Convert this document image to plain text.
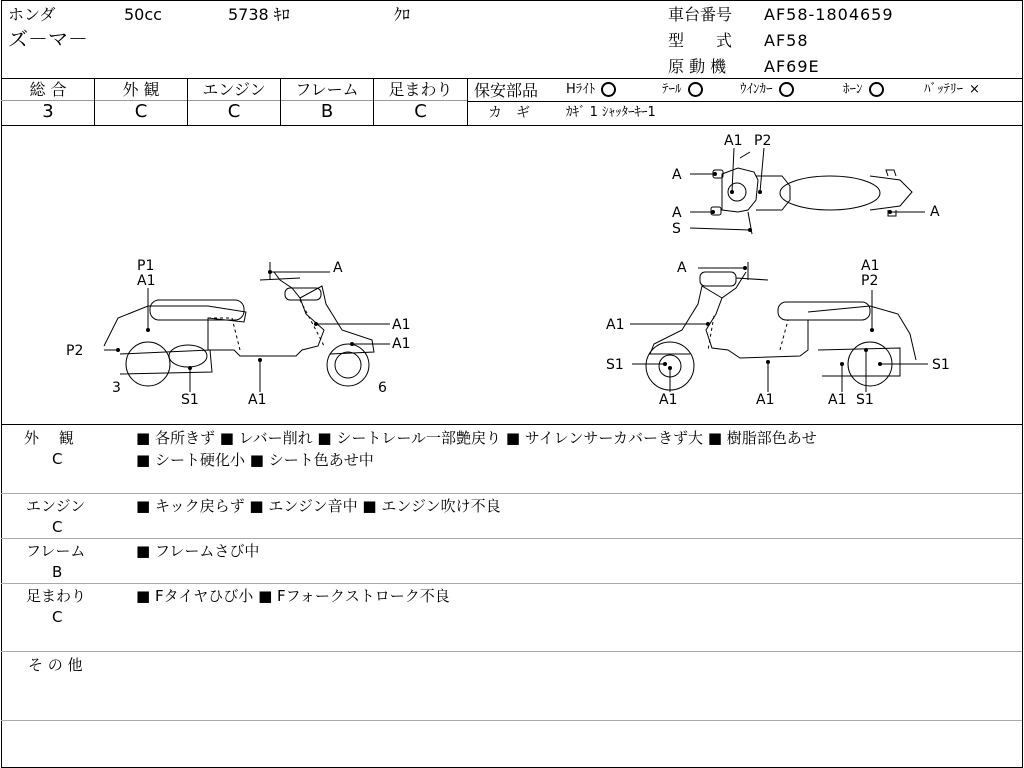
ホンダ	50cc	5738 ｷﾛ	ｸﾛ
ズ－マ－
車台番号 AF58-1804659
型　　式 AF58
原 動 機 AF69E
総 合	外 観	エンジン	フレーム	足まわり
3	C	C	B	C
保安部品 Hﾗｲﾄ	ﾃｰﾙ	ｳｲﾝｶｰ	ﾎｰﾝ	ﾊﾞｯﾃﾘｰ ×
カ　ギ	ｶｷﾞ 1 ｼｬｯﾀｰｷｰ1
A1 P2
A
A
S
A
P1
A1
A
A1
A1
P2
3
S1	A1
6
A	A1
P2
A1
S1	S1
A1	A1	A1 S1
外　 観
C
■ 各所きず ■ レバー削れ ■ シートレール一部艶戻り ■ サイレンサーカバーきず大 ■ 樹脂部色あせ
■ シート硬化小 ■ シート色あせ中
エンジン
C
■ キック戻らず ■ エンジン音中 ■ エンジン吹け不良
フレーム
B
■ フレームさび中
足まわり
C
■ Fタイヤひび小 ■ Fフォークストローク不良
そ の 他
